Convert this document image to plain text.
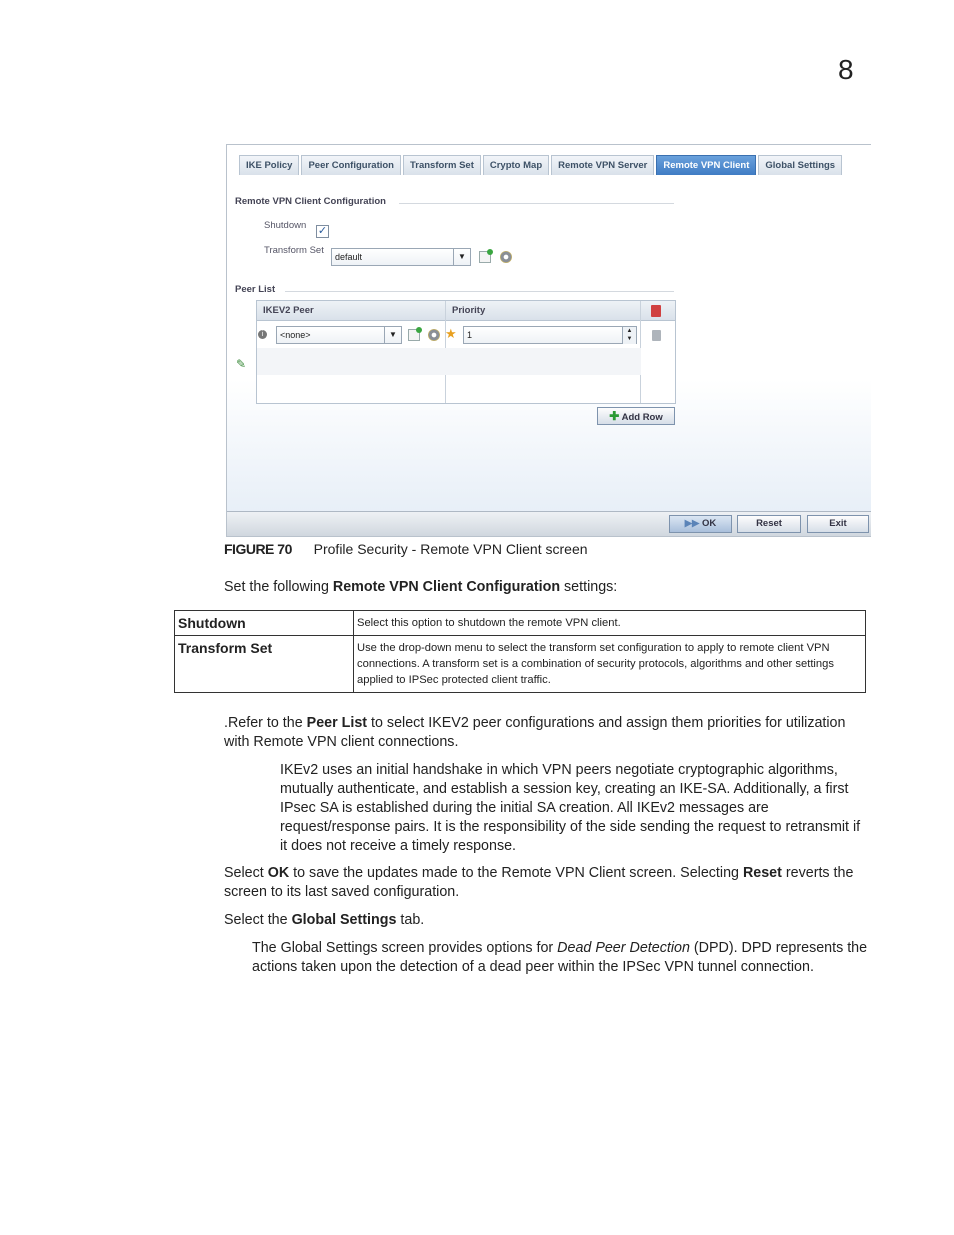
8
IKE Policy	Peer Configuration	Transform Set	Crypto Map	Remote VPN Server	Remote VPN Client	Global Settings
Remote VPN Client Configuration
Shutdown ✓
Transform Set
default	▼
Peer List
IKEV2 Peer	Priority
<none>	▼	★	1	▲
▼
i
✎
✚ Add Row
▶▶ OK	Reset	Exit
FIGURE 70 Profile Security - Remote VPN Client screen
Set the following Remote VPN Client Configuration settings:
Shutdown	Select this option to shutdown the remote VPN client.
Transform Set	Use the drop-down menu to select the transform set configuration to apply to remote client VPN connections. A transform set is a combination of security protocols, algorithms and other settings applied to IPSec protected client traffic.
.Refer to the Peer List to select IKEV2 peer configurations and assign them priorities for utilization with Remote VPN client connections.
IKEv2 uses an initial handshake in which VPN peers negotiate cryptographic algorithms, mutually authenticate, and establish a session key, creating an IKE-SA. Additionally, a first IPsec SA is established during the initial SA creation. All IKEv2 messages are request/response pairs. It is the responsibility of the side sending the request to retransmit if it does not receive a timely response.
Select OK to save the updates made to the Remote VPN Client screen. Selecting Reset reverts the screen to its last saved configuration.
Select the Global Settings tab.
The Global Settings screen provides options for Dead Peer Detection (DPD). DPD represents the actions taken upon the detection of a dead peer within the IPSec VPN tunnel connection.
